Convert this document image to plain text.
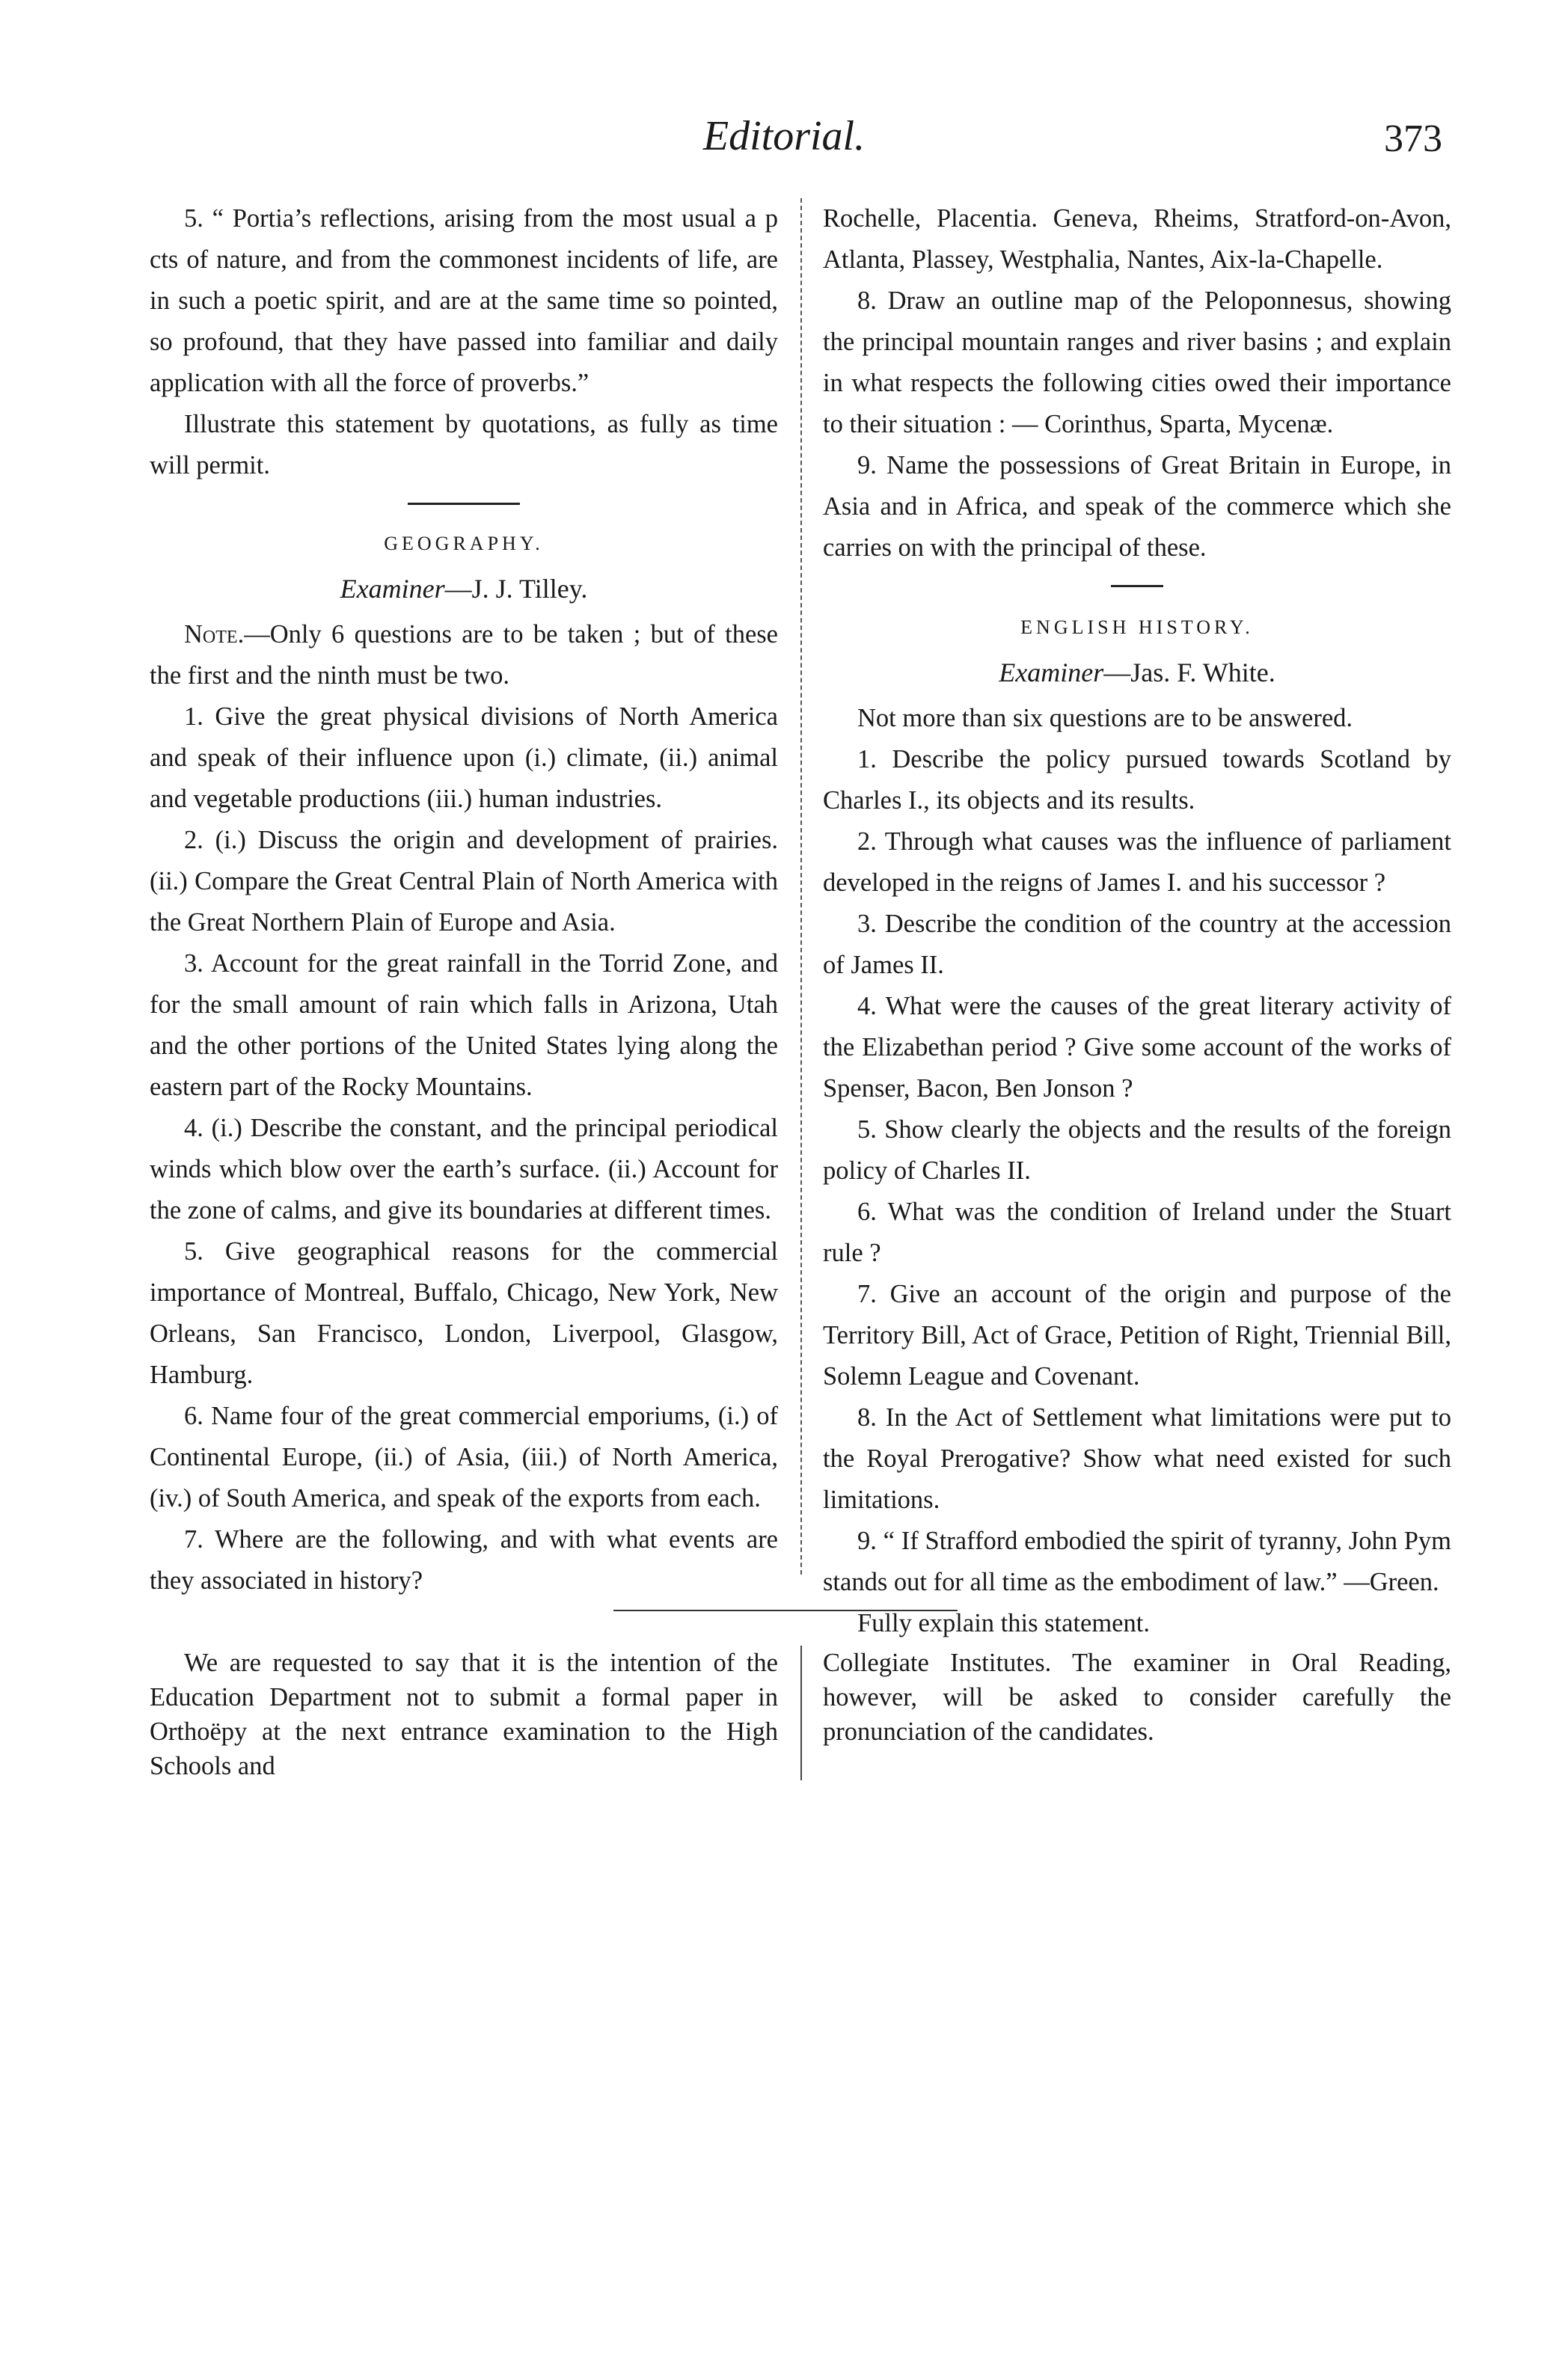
Editorial.	373

5. “ Portia’s reflections, arising from the most usual a p cts of nature, and from the commonest incidents of life, are in such a poetic spirit, and are at the same time so pointed, so profound, that they have passed into familiar and daily application with all the force of proverbs.”

Illustrate this statement by quotations, as fully as time will permit.

GEOGRAPHY.
Examiner—J. J. Tilley.

Note.—Only 6 questions are to be taken ; but of these the first and the ninth must be two.

1. Give the great physical divisions of North America and speak of their influence upon (i.) climate, (ii.) animal and vegetable productions (iii.) human industries.

2. (i.) Discuss the origin and development of prairies. (ii.) Compare the Great Central Plain of North America with the Great Northern Plain of Europe and Asia.

3. Account for the great rainfall in the Torrid Zone, and for the small amount of rain which falls in Arizona, Utah and the other portions of the United States lying along the eastern part of the Rocky Mountains.

4. (i.) Describe the constant, and the principal periodical winds which blow over the earth’s surface. (ii.) Account for the zone of calms, and give its boundaries at different times.

5. Give geographical reasons for the commercial importance of Montreal, Buffalo, Chicago, New York, New Orleans, San Francisco, London, Liverpool, Glasgow, Hamburg.

6. Name four of the great commercial emporiums, (i.) of Continental Europe, (ii.) of Asia, (iii.) of North America, (iv.) of South America, and speak of the exports from each.

7. Where are the following, and with what events are they associated in history?

Rochelle, Placentia. Geneva, Rheims, Stratford-on-Avon, Atlanta, Plassey, Westphalia, Nantes, Aix-la-Chapelle.

8. Draw an outline map of the Peloponnesus, showing the principal mountain ranges and river basins ; and explain in what respects the following cities owed their importance to their situation : — Corinthus, Sparta, Mycenæ.

9. Name the possessions of Great Britain in Europe, in Asia and in Africa, and speak of the commerce which she carries on with the principal of these.

ENGLISH HISTORY.
Examiner—Jas. F. White.

Not more than six questions are to be answered.

1. Describe the policy pursued towards Scotland by Charles I., its objects and its results.

2. Through what causes was the influence of parliament developed in the reigns of James I. and his successor ?

3. Describe the condition of the country at the accession of James II.

4. What were the causes of the great literary activity of the Elizabethan period ? Give some account of the works of Spenser, Bacon, Ben Jonson ?

5. Show clearly the objects and the results of the foreign policy of Charles II.

6. What was the condition of Ireland under the Stuart rule ?

7. Give an account of the origin and purpose of the Territory Bill, Act of Grace, Petition of Right, Triennial Bill, Solemn League and Covenant.

8. In the Act of Settlement what limitations were put to the Royal Prerogative? Show what need existed for such limitations.

9. “ If Strafford embodied the spirit of tyranny, John Pym stands out for all time as the embodiment of law.” —Green.

Fully explain this statement.

We are requested to say that it is the intention of the Education Department not to submit a formal paper in Orthoëpy at the next entrance examination to the High Schools and

Collegiate Institutes. The examiner in Oral Reading, however, will be asked to consider carefully the pronunciation of the candidates.
